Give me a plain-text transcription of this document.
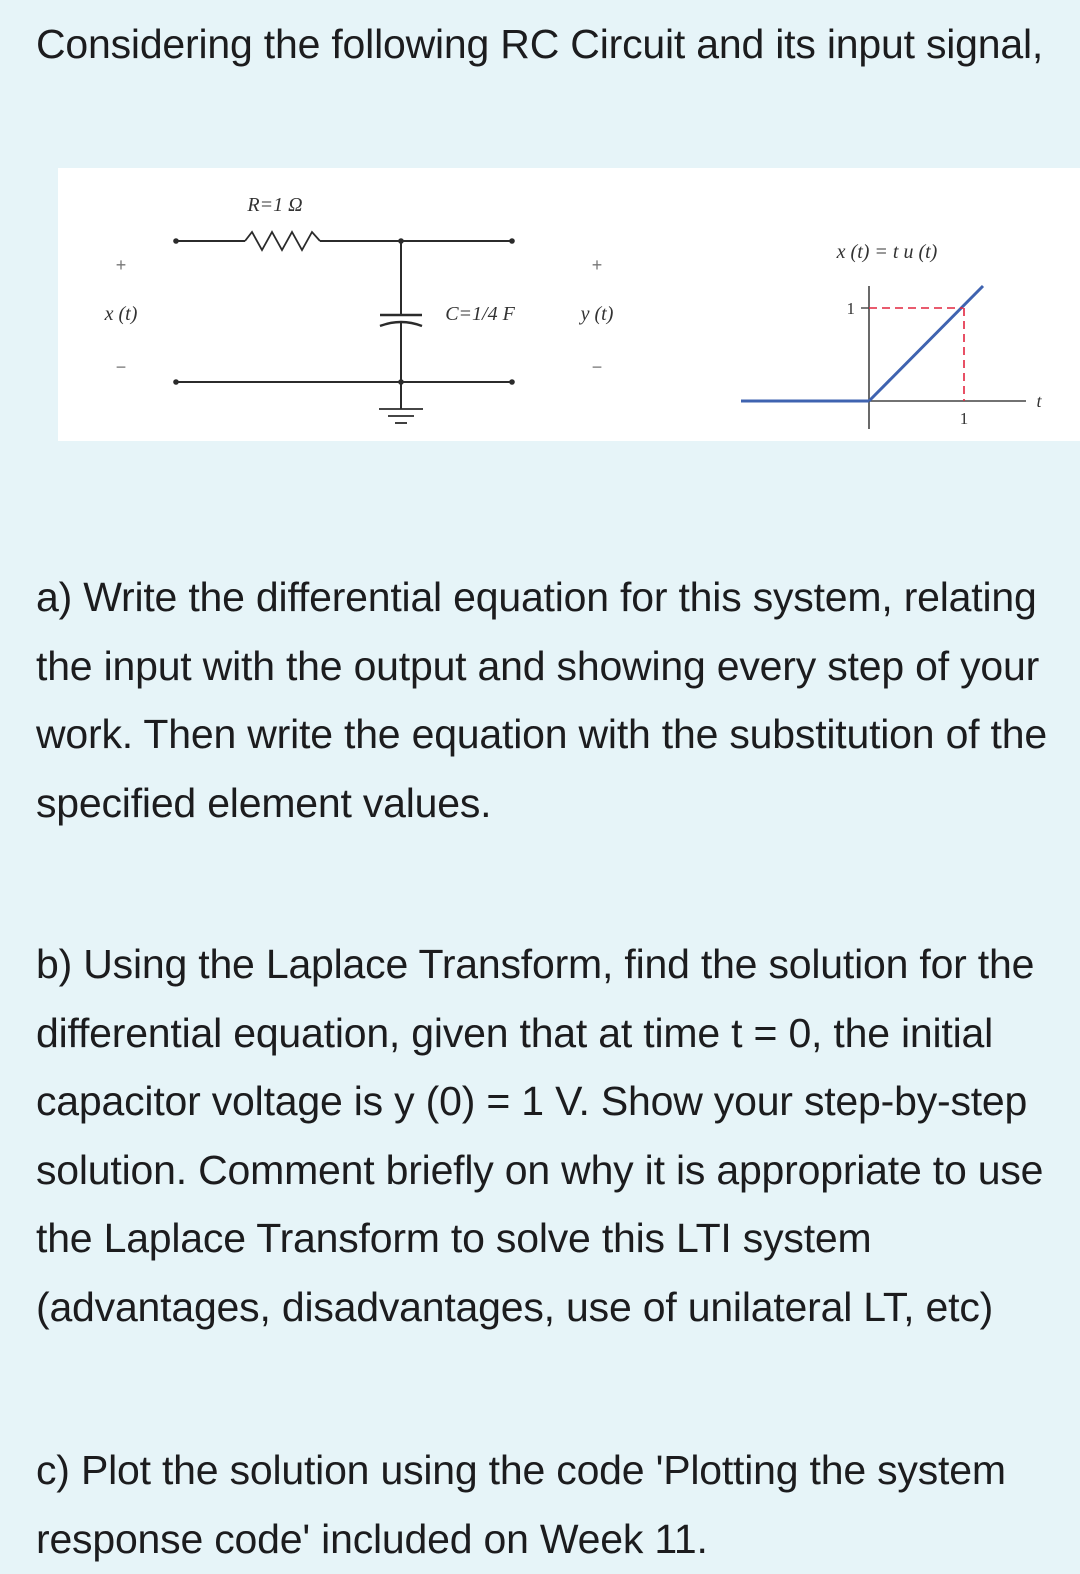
Considering the following RC Circuit and its input signal,

R=1 Ω
C=1/4 F
+
x (t)
−
+
y (t)
−
x (t) = t u (t)
1
1
t

a) Write the differential equation for this system, relating the input with the output and showing every step of your work. Then write the equation with the substitution of the specified element values.

b) Using the Laplace Transform, find the solution for the differential equation, given that at time t = 0, the initial capacitor voltage is y (0) = 1 V. Show your step-by-step solution. Comment briefly on why it is appropriate to use the Laplace Transform to solve this LTI system (advantages, disadvantages, use of unilateral LT, etc)

c) Plot the solution using the code 'Plotting the system response code' included on Week 11.
